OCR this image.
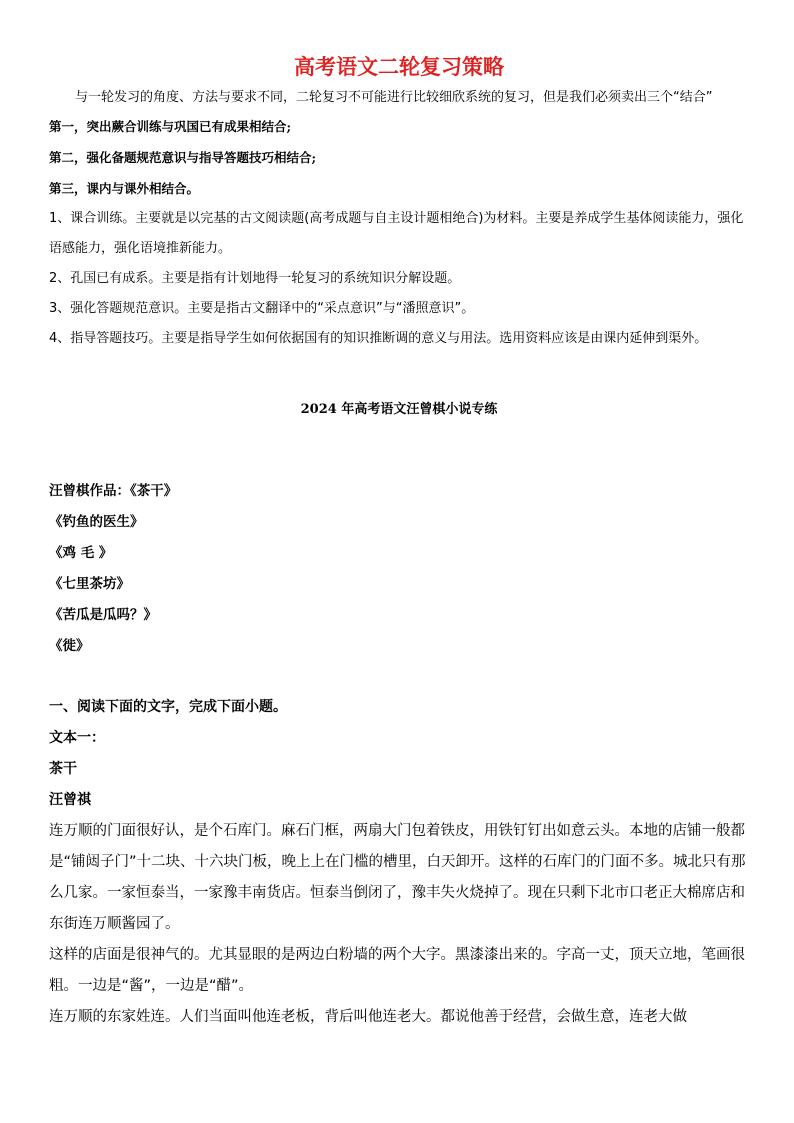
高考语文二轮复习策略

与一轮发习的角度、方法与要求不同，二轮复习不可能进行比较细欣系统的复习，但是我们必须卖出三个“结合”

第一，突出蕨合训练与巩国已有成果相结合;

第二，强化备题规范意识与指导答题技巧相结合;

第三，课内与课外相结合。

1、课合训练。主要就是以完基的古文阅读题(高考成题与自主设计题相绝合)为材料。主要是养成学生基体阅读能力，强化语感能力，强化语境推新能力。

2、孔国已有成系。主要是指有计划地得一轮复习的系统知识分解设题。

3、强化答题规范意识。主要是指古文翻译中的“采点意识”与“潘照意识”。

4、指导答题技巧。主要是指导学生如何依据国有的知识推断调的意义与用法。选用资料应该是由课内延伸到渠外。

2024 年高考语文汪曾棋小说专练

汪曾棋作品：《茶干》

《钓鱼的医生》

《鸡 毛 》

《七里茶坊》

《苦瓜是瓜吗？》

《徙》

一、阅读下面的文字，完成下面小题。

文本一：

茶干

汪曾祺

连万顺的门面很好认，是个石库门。麻石门框，两扇大门包着铁皮，用铁钉钉出如意云头。本地的店铺一般都是“铺闼子门”十二块、十六块门板，晚上上在门槛的槽里，白天卸开。这样的石库门的门面不多。城北只有那么几家。一家恒泰当，一家豫丰南货店。恒泰当倒闭了，豫丰失火烧掉了。现在只剩下北市口老正大棉席店和东街连万顺酱园了。

这样的店面是很神气的。尤其显眼的是两边白粉墙的两个大字。黑漆漆出来的。字高一丈，顶天立地，笔画很粗。一边是“酱”，一边是“醋”。

连万顺的东家姓连。人们当面叫他连老板，背后叫他连老大。都说他善于经营，会做生意，连老大做
